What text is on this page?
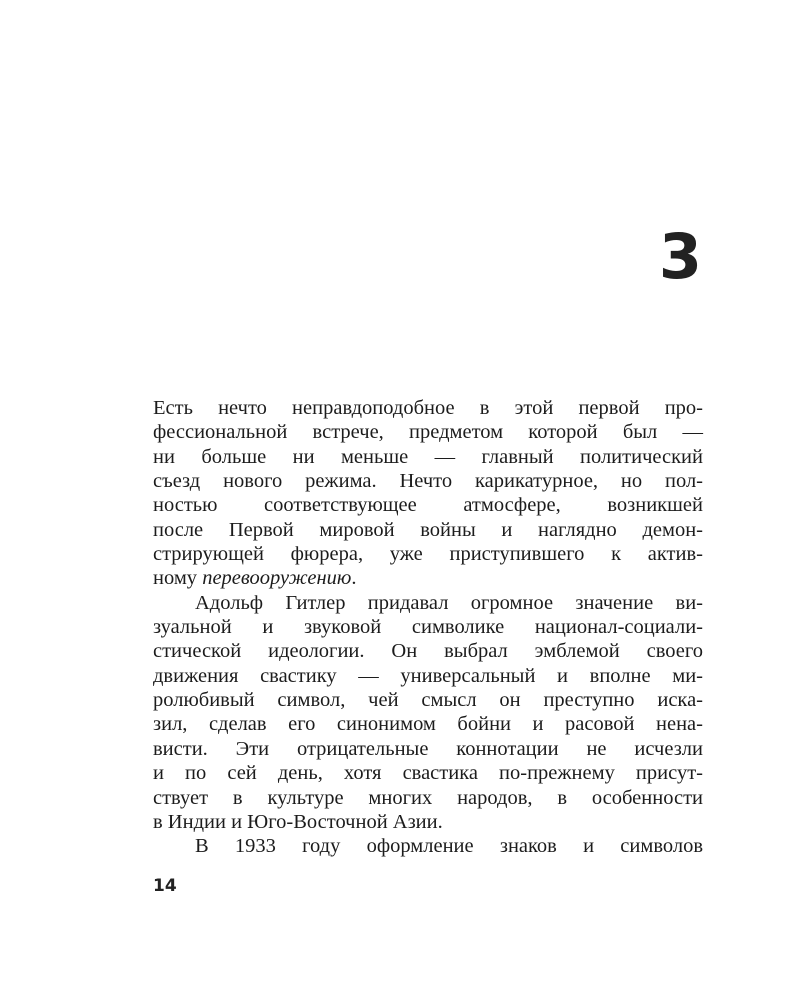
3
Есть нечто неправдоподобное в этой первой про-
фессиональной встрече, предметом которой был —
ни больше ни меньше — главный политический
съезд нового режима. Нечто карикатурное, но пол-
ностью соответствующее атмосфере, возникшей
после Первой мировой войны и наглядно демон-
стрирующей фюрера, уже приступившего к актив-
ному перевооружению.
Адольф Гитлер придавал огромное значение ви-
зуальной и звуковой символике национал-социали-
стической идеологии. Он выбрал эмблемой своего
движения свастику — универсальный и вполне ми-
ролюбивый символ, чей смысл он преступно иска-
зил, сделав его синонимом бойни и расовой нена-
висти. Эти отрицательные коннотации не исчезли
и по сей день, хотя свастика по-прежнему присут-
ствует в культуре многих народов, в особенности
в Индии и Юго-Восточной Азии.
В 1933 году оформление знаков и символов
14
